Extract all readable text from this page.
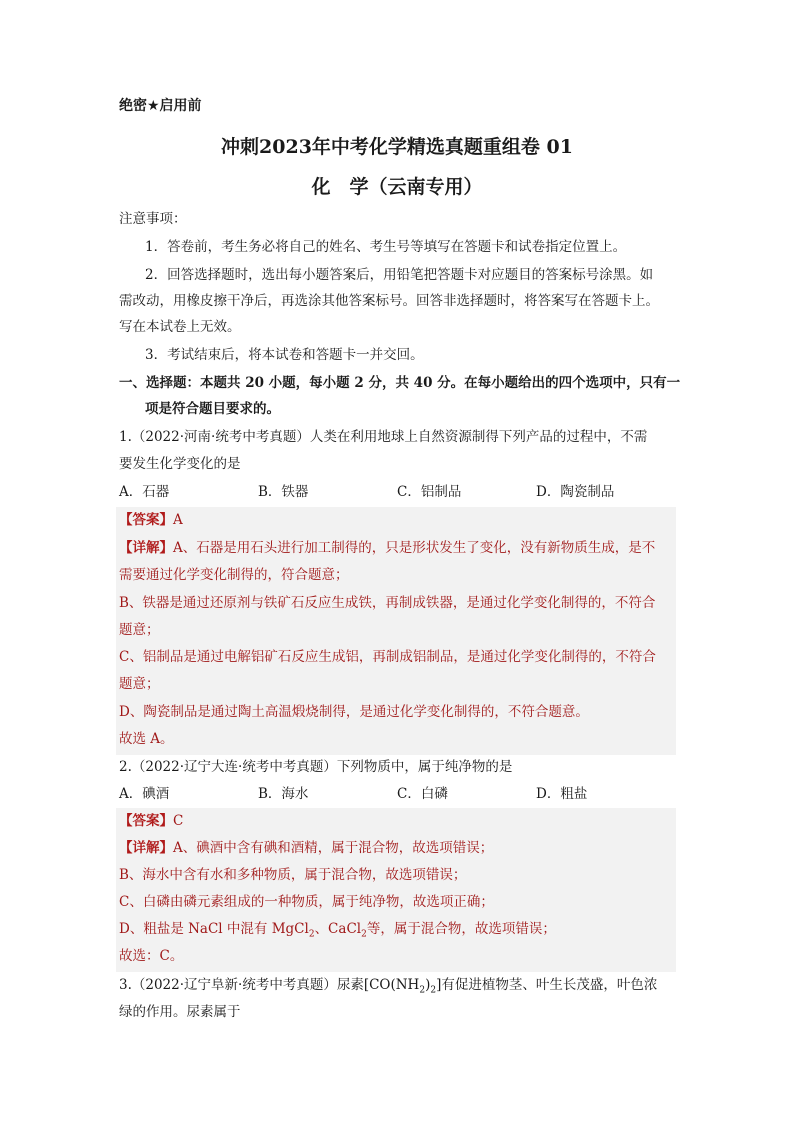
绝密★启用前
冲刺2023年中考化学精选真题重组卷 01
化　学（云南专用）
注意事项：
1．答卷前，考生务必将自己的姓名、考生号等填写在答题卡和试卷指定位置上。
2．回答选择题时，选出每小题答案后，用铅笔把答题卡对应题目的答案标号涂黑。如
需改动，用橡皮擦干净后，再选涂其他答案标号。回答非选择题时，将答案写在答题卡上。
写在本试卷上无效。
3．考试结束后，将本试卷和答题卡一并交回。
一、选择题：本题共 20 小题，每小题 2 分，共 40 分。在每小题给出的四个选项中，只有一
项是符合题目要求的。
1.（2022·河南·统考中考真题）人类在利用地球上自然资源制得下列产品的过程中，不需
要发生化学变化的是
A．石器	B．铁器	C．铝制品	D．陶瓷制品
【答案】A
【详解】A、石器是用石头进行加工制得的，只是形状发生了变化，没有新物质生成，是不
需要通过化学变化制得的，符合题意；
B、铁器是通过还原剂与铁矿石反应生成铁，再制成铁器，是通过化学变化制得的，不符合
题意；
C、铝制品是通过电解铝矿石反应生成铝，再制成铝制品，是通过化学变化制得的，不符合
题意；
D、陶瓷制品是通过陶土高温煅烧制得，是通过化学变化制得的，不符合题意。
故选 A。
2.（2022·辽宁大连·统考中考真题）下列物质中，属于纯净物的是
A．碘酒	B．海水	C．白磷	D．粗盐
【答案】C
【详解】A、碘酒中含有碘和酒精，属于混合物，故选项错误；
B、海水中含有水和多种物质，属于混合物，故选项错误；
C、白磷由磷元素组成的一种物质，属于纯净物，故选项正确；
D、粗盐是 NaCl 中混有 MgCl$_2$、CaCl$_2$等，属于混合物，故选项错误；
故选：C。
3.（2022·辽宁阜新·统考中考真题）尿素$[CO(NH_2)_2]$有促进植物茎、叶生长茂盛，叶色浓
绿的作用。尿素属于
